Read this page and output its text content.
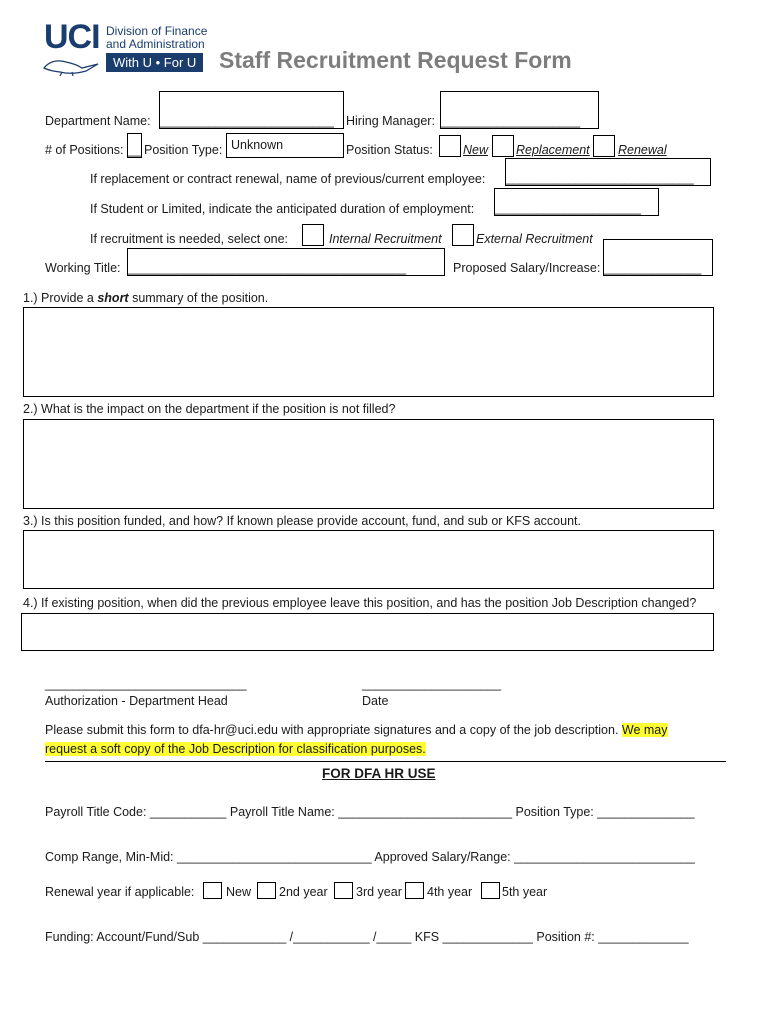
UCI Division of Finance
and Administration
With U • For U Staff Recruitment Request Form
Department Name: _________________________ Hiring Manager: ____________________
# of Positions: __ Position Type: Unknown	Position Status: New Replacement Renewal
If replacement or contract renewal, name of previous/current employee: ___________________________
If Student or Limited, indicate the anticipated duration of employment: _____________________
If recruitment is needed, select one:	Internal Recruitment	External Recruitment
Working Title: ________________________________________	Proposed Salary/Increase: ______________
1.) Provide a short summary of the position.
2.) What is the impact on the department if the position is not filled?
3.) Is this position funded, and how? If known please provide account, fund, and sub or KFS account.
4.) If existing position, when did the previous employee leave this position, and has the position Job Description changed?
_____________________________
Authorization - Department Head
____________________
Date
Please submit this form to dfa-hr@uci.edu with appropriate signatures and a copy of the job description. We may
request a soft copy of the Job Description for classification purposes.
FOR DFA HR USE
Payroll Title Code: ___________ Payroll Title Name: _________________________ Position Type: ______________
Comp Range, Min-Mid: ____________________________ Approved Salary/Range: __________________________
Renewal year if applicable:	New 2nd year 3rd year 4th year 5th year
Funding: Account/Fund/Sub ____________ /___________ /_____ KFS _____________ Position #: _____________
